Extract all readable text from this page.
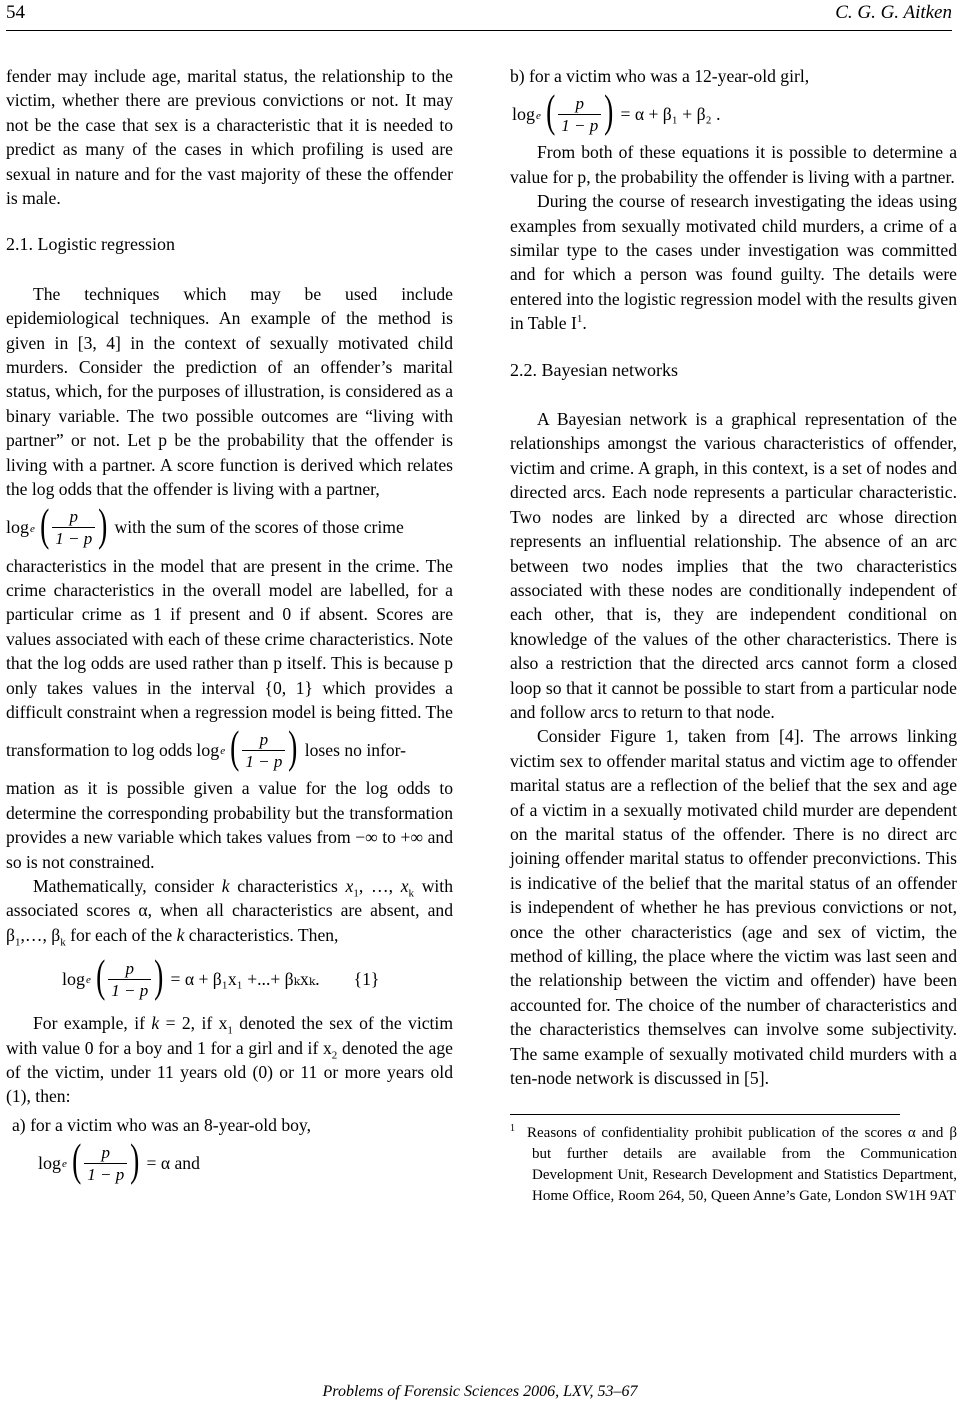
54	C. G. G. Aitken

fender may include age, marital status, the relationship to the victim, whether there are previous convictions or not. It may not be the case that sex is a characteristic that it is needed to predict as many of the cases in which profiling is used are sexual in nature and for the vast majority of these the offender is male.

2.1. Logistic regression

The techniques which may be used include epidemiological techniques. An example of the method is given in [3, 4] in the context of sexually motivated child murders. Consider the prediction of an offender’s marital status, which, for the purposes of illustration, is considered as a binary variable. The two possible outcomes are “living with partner” or not. Let p be the probability that the offender is living with a partner. A score function is derived which relates the log odds that the offender is living with a partner,

log e ( $\frac{p}{1 - p}$ ) with the sum of the scores of those crime

characteristics in the model that are present in the crime. The crime characteristics in the overall model are labelled, for a particular crime as 1 if present and 0 if absent. Scores are values associated with each of these crime characteristics. Note that the log odds are used rather than p itself. This is because p only takes values in the interval {0, 1} which provides a difficult constraint when a regression model is being fitted. The

transformation to log odds log e ( $\frac{p}{1 - p}$ ) loses no infor-

mation as it is possible given a value for the log odds to determine the corresponding probability but the transformation provides a new variable which takes values from −∞ to +∞ and so is not constrained.

Mathematically, consider k characteristics $x_1$, …, $x_k$ with associated scores α, when all characteristics are absent, and $\beta_1,\dots$, $\beta_k$ for each of the k characteristics. Then,

log e ( $\frac{p}{1 - p}$ ) = α + β₁x₁ +...+ βₖxₖ. {1}

For example, if k = 2, if $x_1$ denoted the sex of the victim with value 0 for a boy and 1 for a girl and if $x_2$ denoted the age of the victim, under 11 years old (0) or 11 or more years old (1), then:

a) for a victim who was an 8-year-old boy,
log e ( $\frac{p}{1 - p}$ ) = α and
b) for a victim who was a 12-year-old girl,
log e ( $\frac{p}{1 - p}$ ) = α + β₁ + β₂ .

From both of these equations it is possible to determine a value for p, the probability the offender is living with a partner.

During the course of research investigating the ideas using examples from sexually motivated child murders, a crime of a similar type to the cases under investigation was committed and for which a person was found guilty. The details were entered into the logistic regression model with the results given in Table $I^1$.

2.2. Bayesian networks

A Bayesian network is a graphical representation of the relationships amongst the various characteristics of offender, victim and crime. A graph, in this context, is a set of nodes and directed arcs. Each node represents a particular characteristic. Two nodes are linked by a directed arc whose direction represents an influential relationship. The absence of an arc between two nodes implies that the two characteristics associated with these nodes are conditionally independent of each other, that is, they are independent conditional on knowledge of the values of the other characteristics. There is also a restriction that the directed arcs cannot form a closed loop so that it cannot be possible to start from a particular node and follow arcs to return to that node.

Consider Figure 1, taken from [4]. The arrows linking victim sex to offender marital status and victim age to offender marital status are a reflection of the belief that the sex and age of a victim in a sexually motivated child murder are dependent on the marital status of the offender. There is no direct arc joining offender marital status to offender preconvictions. This is indicative of the belief that the marital status of an offender is independent of whether he has previous convictions or not, once the other characteristics (age and sex of victim, the method of killing, the place where the victim was last seen and the relationship between the victim and offender) have been accounted for. The choice of the number of characteristics and the characteristics themselves can involve some subjectivity. The same example of sexually motivated child murders with a ten-node network is discussed in [5].

$^1$ Reasons of confidentiality prohibit publication of the scores α and β but further details are available from the Communication Development Unit, Research Development and Statistics Department, Home Office, Room 264, 50, Queen Anne’s Gate, London SW1H 9AT

Problems of Forensic Sciences 2006, LXV, 53–67
